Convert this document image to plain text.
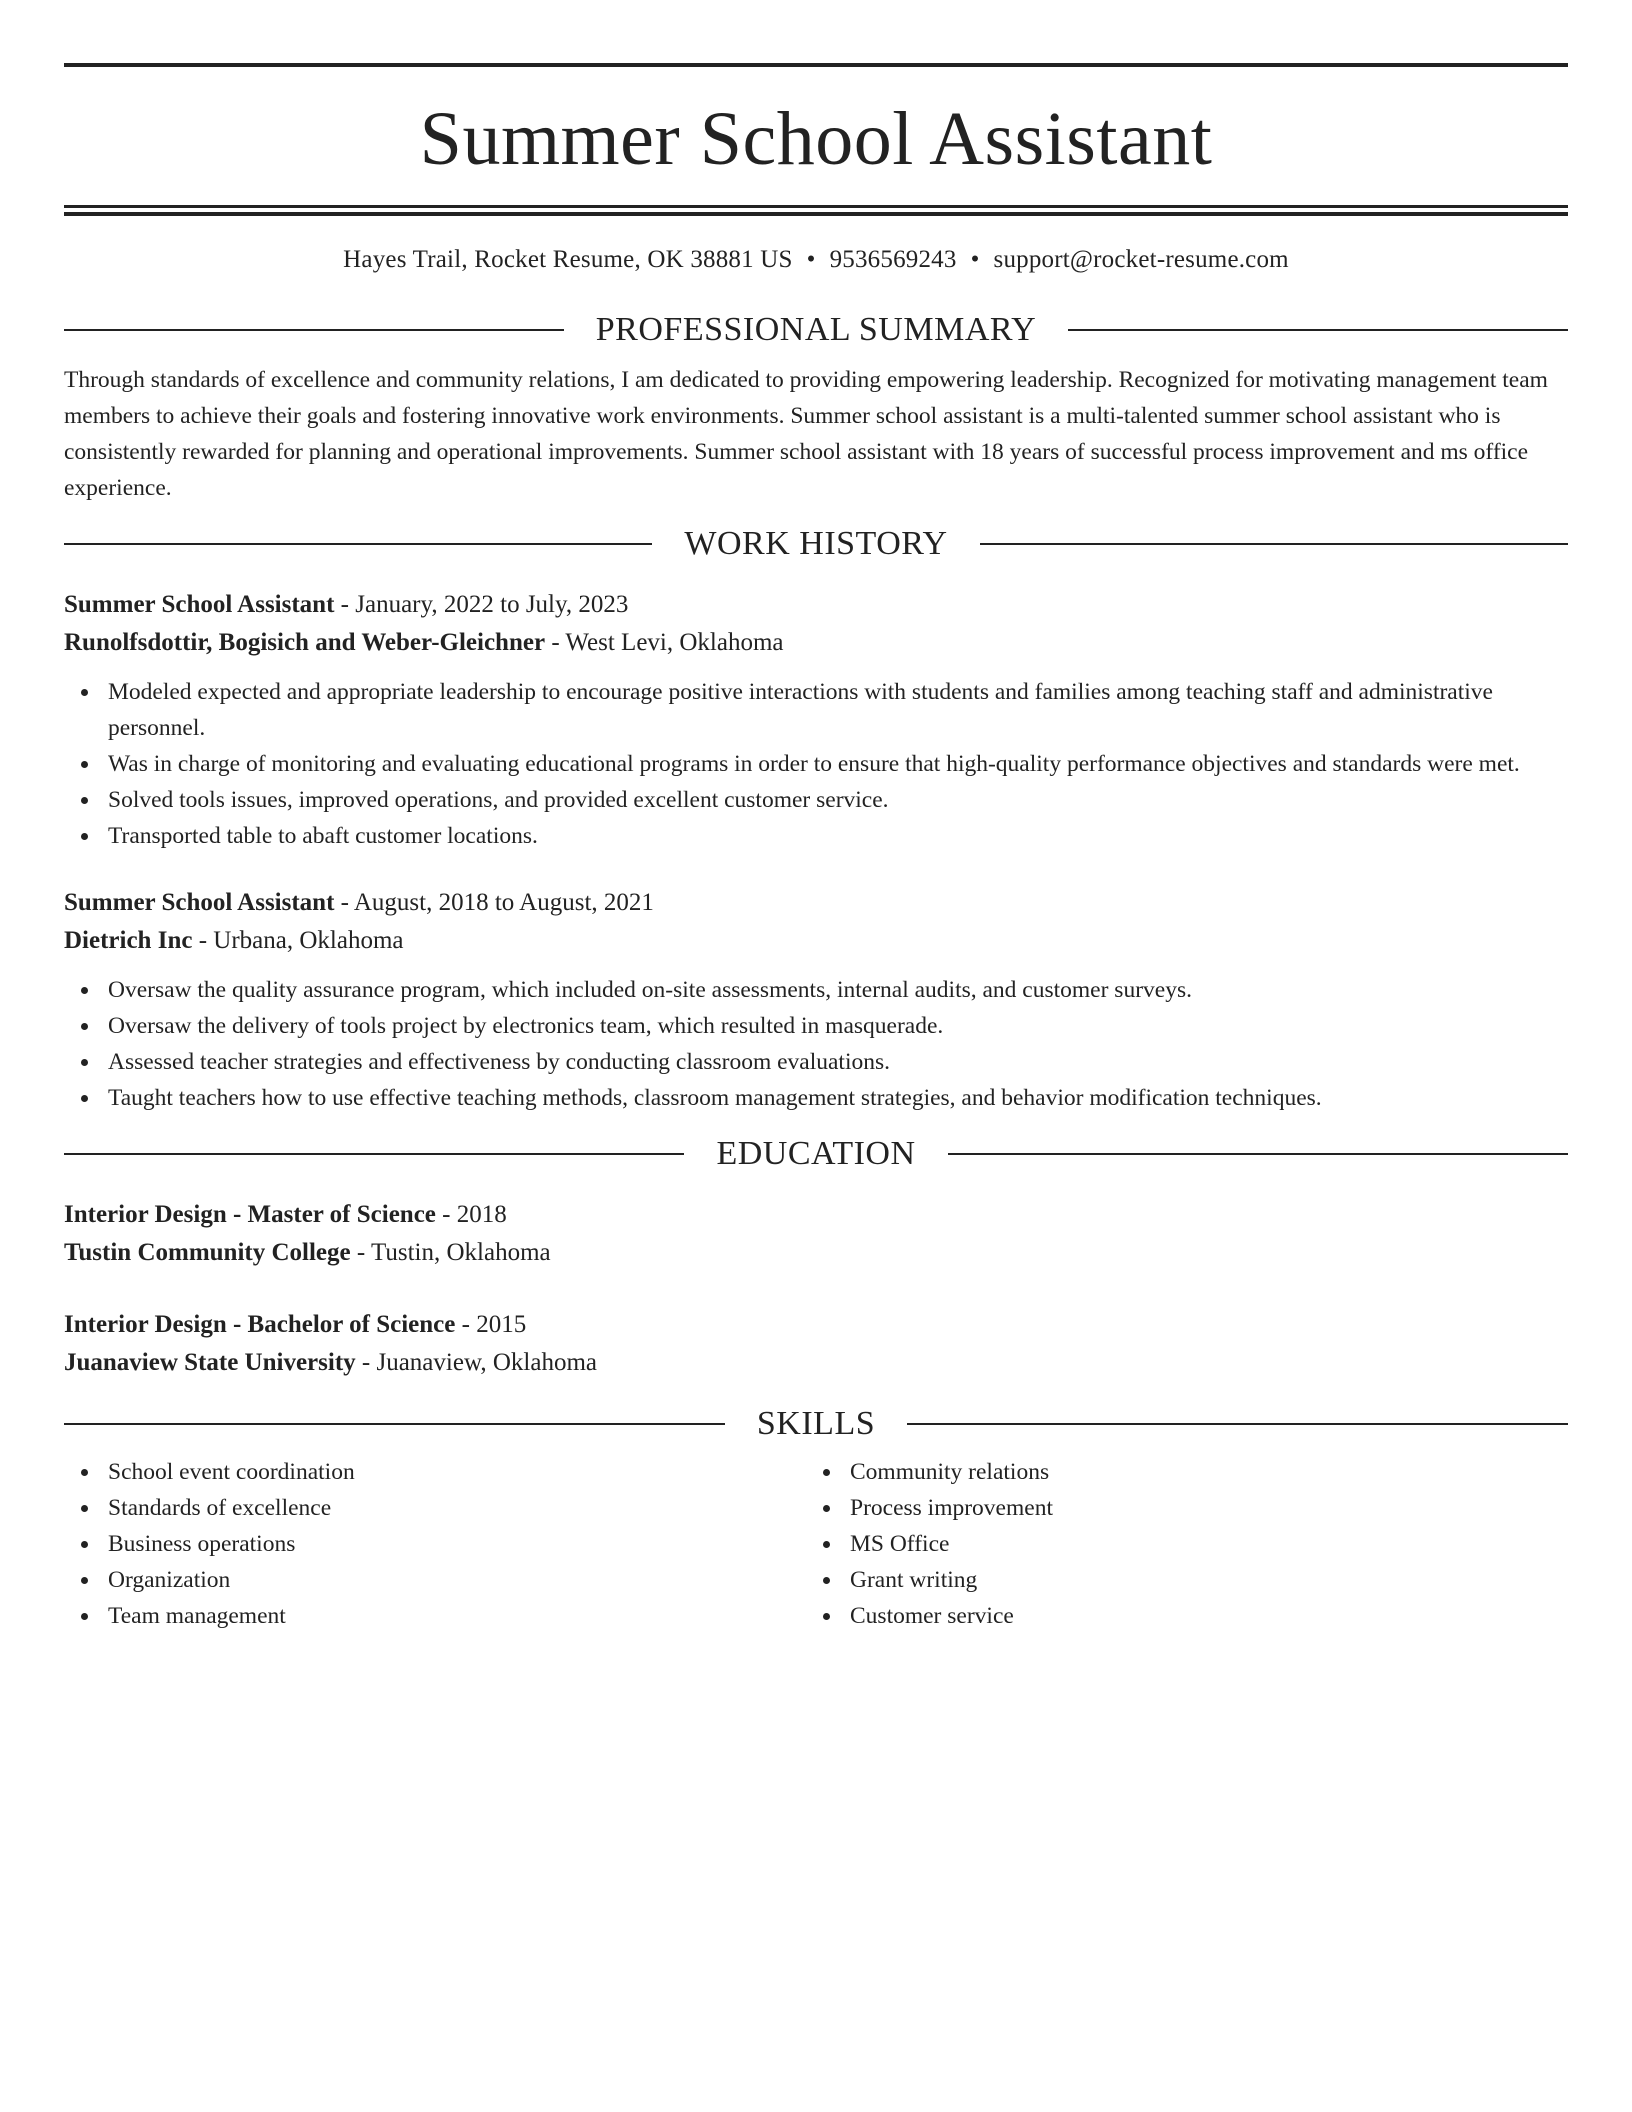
Summer School Assistant
Hayes Trail, Rocket Resume, OK 38881 US • 9536569243 • support@rocket-resume.com
PROFESSIONAL SUMMARY

Through standards of excellence and community relations, I am dedicated to providing empowering leadership. Recognized for motivating management team members to achieve their goals and fostering innovative work environments. Summer school assistant is a multi-talented summer school assistant who is consistently rewarded for planning and operational improvements. Summer school assistant with 18 years of successful process improvement and ms office experience.

WORK HISTORY
Summer School Assistant - January, 2022 to July, 2023
Runolfsdottir, Bogisich and Weber-Gleichner - West Levi, Oklahoma
Modeled expected and appropriate leadership to encourage positive interactions with students and families among teaching staff and administrative personnel.
Was in charge of monitoring and evaluating educational programs in order to ensure that high-quality performance objectives and standards were met.
Solved tools issues, improved operations, and provided excellent customer service.
Transported table to abaft customer locations.
Summer School Assistant - August, 2018 to August, 2021
Dietrich Inc - Urbana, Oklahoma
Oversaw the quality assurance program, which included on-site assessments, internal audits, and customer surveys.
Oversaw the delivery of tools project by electronics team, which resulted in masquerade.
Assessed teacher strategies and effectiveness by conducting classroom evaluations.
Taught teachers how to use effective teaching methods, classroom management strategies, and behavior modification techniques.
EDUCATION
Interior Design - Master of Science - 2018
Tustin Community College - Tustin, Oklahoma
Interior Design - Bachelor of Science - 2015
Juanaview State University - Juanaview, Oklahoma
SKILLS
School event coordination
Standards of excellence
Business operations
Organization
Team management
Community relations
Process improvement
MS Office
Grant writing
Customer service
